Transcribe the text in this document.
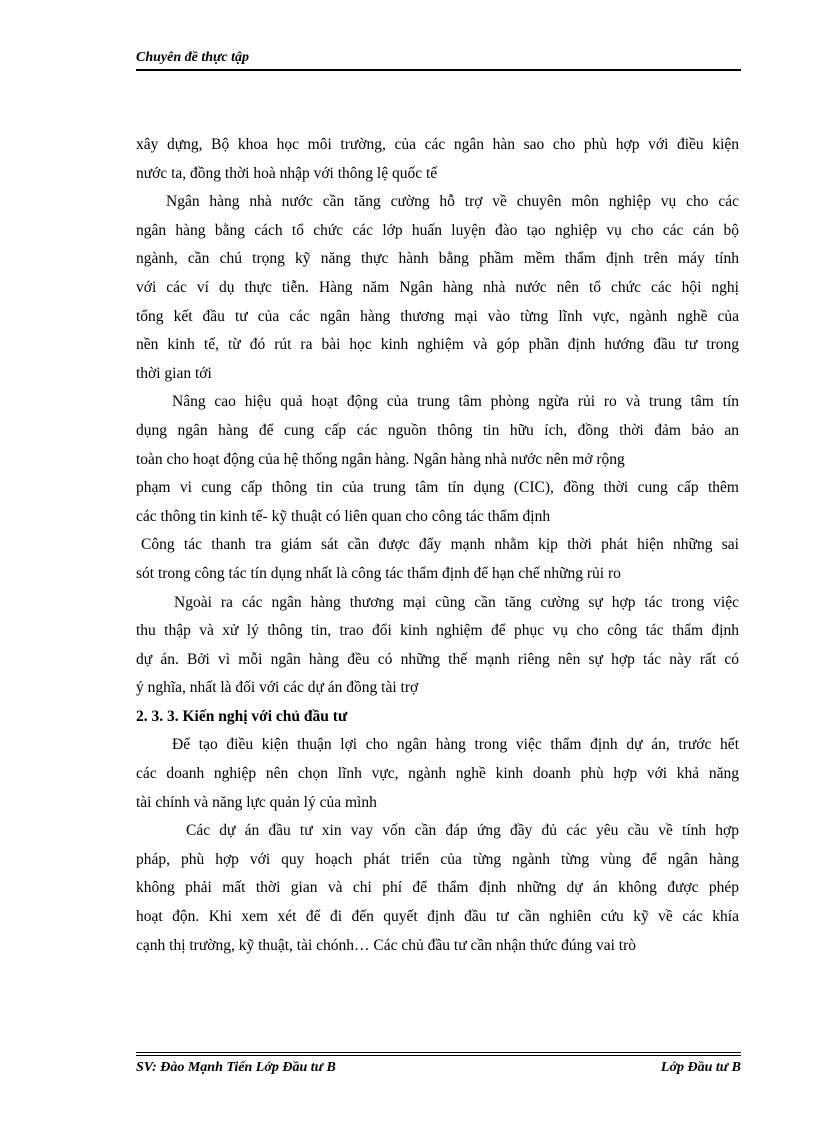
Chuyên đề thực tập
xây dựng, Bộ khoa học môi trường, của các ngân hàn sao cho phù hợp với điều kiện
nước ta, đồng thời hoà nhập với thông lệ quốc tế
Ngân hàng nhà nước cần tăng cường hỗ trợ về chuyên môn nghiệp vụ cho các
ngân hàng bằng cách tổ chức các lớp huấn luyện đào tạo nghiệp vụ cho các cán bộ
ngành, cần chú trọng kỹ năng thực hành bằng phầm mềm thẩm định trên máy tính
với các ví dụ thực tiễn. Hàng năm Ngân hàng nhà nước nên tổ chức các hội nghị
tổng kết đầu tư của các ngân hàng thương mại vào từng lĩnh vực, ngành nghề của
nền kinh tế, từ đó rút ra bài học kinh nghiệm và góp phần định hướng đầu tư trong
thời gian tới
Nâng cao hiệu quả hoạt động của trung tâm phòng ngừa rủi ro và trung tâm tín
dụng ngân hàng để cung cấp các nguồn thông tin hữu ích, đồng thời đảm bảo an
toàn cho hoạt động của hệ thống ngân hàng. Ngân hàng nhà nước nên mở rộng
phạm vi cung cấp thông tin của trung tâm tín dụng (CIC), đồng thời cung cấp thêm
các thông tin kinh tế- kỹ thuật có liên quan cho công tác thẩm định
Công tác thanh tra giám sát cần được đẩy mạnh nhằm kịp thời phát hiện những sai
sót trong công tác tín dụng nhất là công tác thẩm định để hạn chế những rủi ro
Ngoài ra các ngân hàng thương mại cũng cần tăng cường sự hợp tác trong việc
thu thập và xử lý thông tin, trao đổi kinh nghiệm để phục vụ cho công tác thẩm định
dự án. Bởi vì mỗi ngân hàng đều có những thế mạnh riêng nên sự hợp tác này rất có
ý nghĩa, nhất là đối với các dự án đồng tài trợ
2. 3. 3. Kiến nghị với chủ đầu tư
Để tạo điều kiện thuận lợi cho ngân hàng trong việc thẩm định dự án, trước hết
các doanh nghiệp nên chọn lĩnh vực, ngành nghề kinh doanh phù hợp với khả năng
tài chính và năng lực quản lý của mình
Các dự án đầu tư xin vay vốn cần đáp ứng đầy đủ các yêu cầu về tính hợp
pháp, phù hợp với quy hoạch phát triển của từng ngành từng vùng để ngân hàng
không phải mất thời gian và chi phí để thẩm định những dự án không được phép
hoạt độn. Khi xem xét để đi đến quyết định đầu tư cần nghiên cứu kỹ về các khía
cạnh thị trường, kỹ thuật, tài chónh… Các chủ đầu tư cần nhận thức đúng vai trò
SV: Đào Mạnh Tiến Lớp Đầu tư B	Lớp Đầu tư B
